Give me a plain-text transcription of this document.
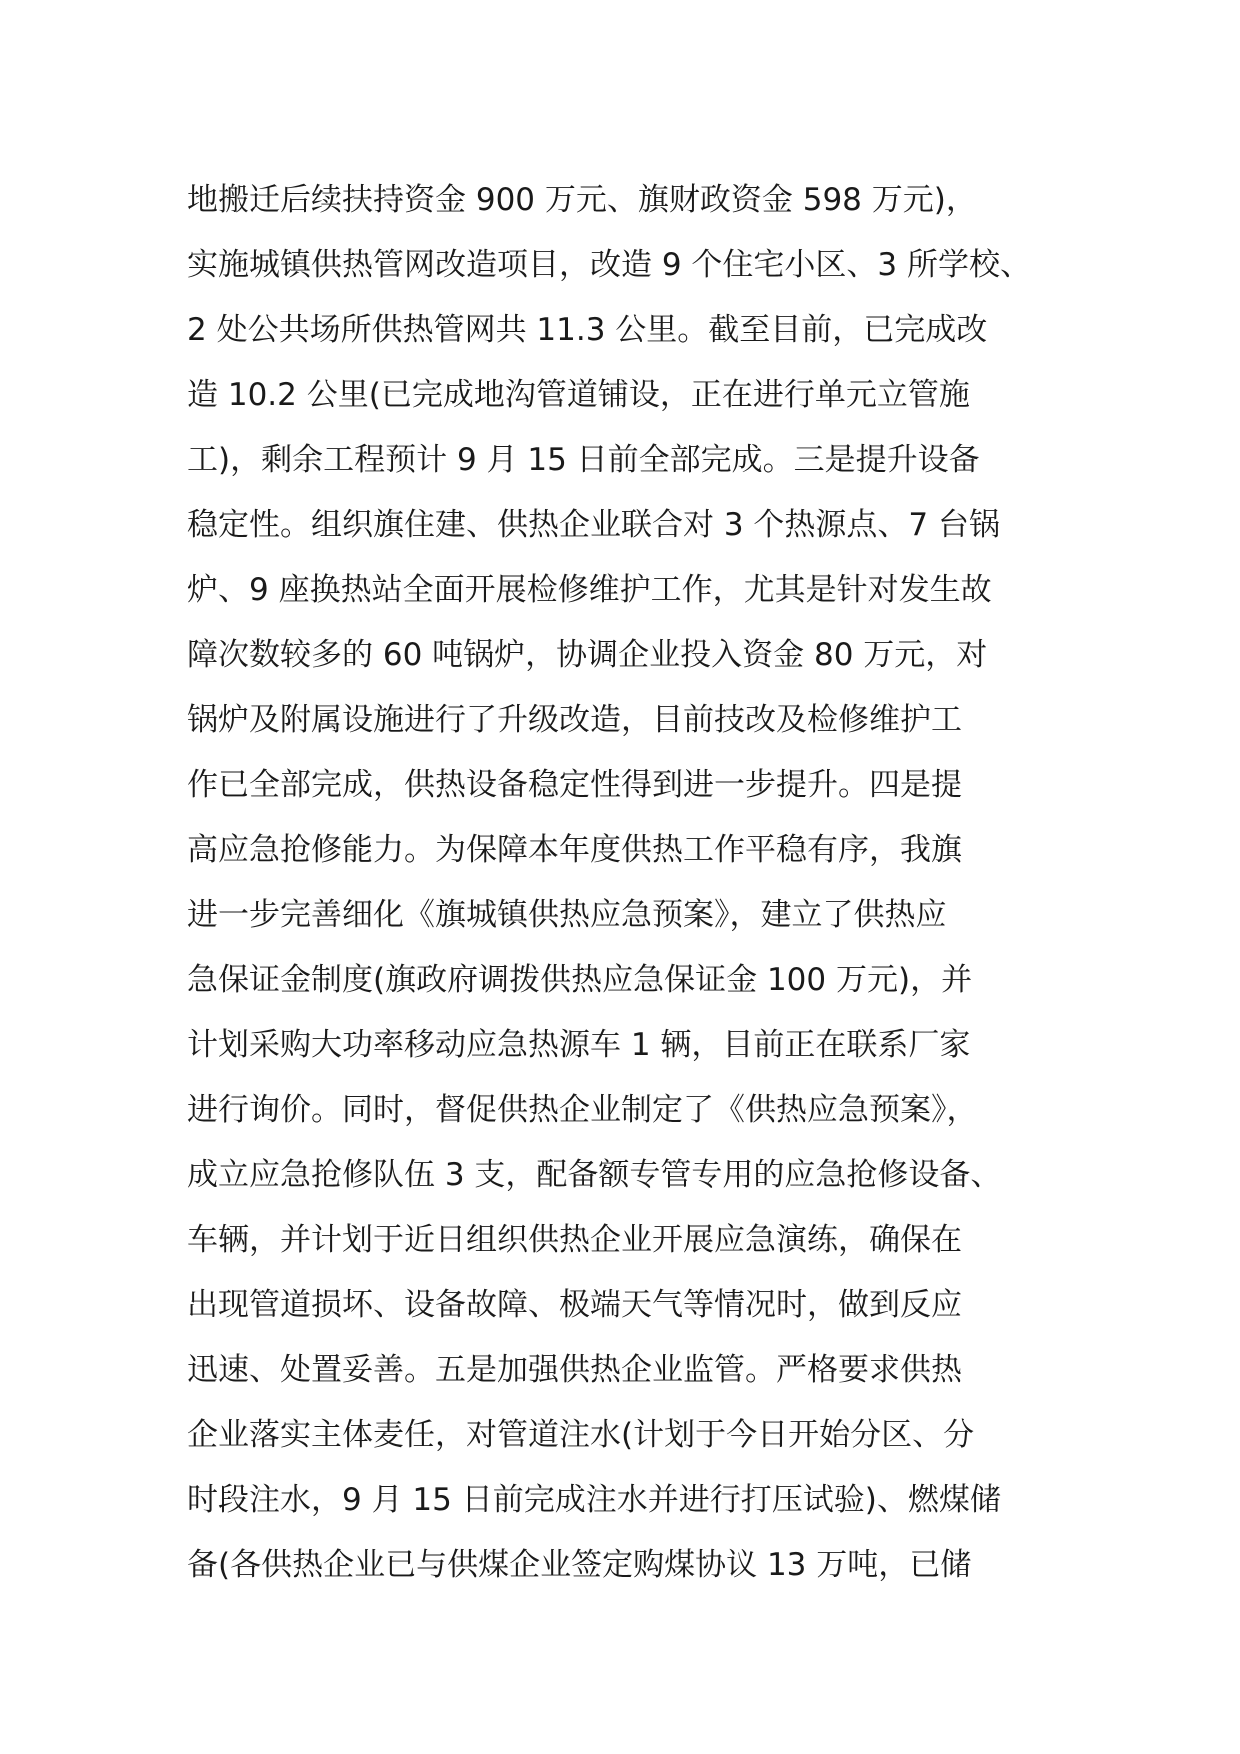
地搬迁后续扶持资金 900 万元、旗财政资金 598 万元)，
实施城镇供热管网改造项目，改造 9 个住宅小区、3 所学校、
2 处公共场所供热管网共 11.3 公里。截至目前，已完成改
造 10.2 公里(已完成地沟管道铺设，正在进行单元立管施
工)，剩余工程预计 9 月 15 日前全部完成。三是提升设备
稳定性。组织旗住建、供热企业联合对 3 个热源点、7 台锅
炉、9 座换热站全面开展检修维护工作，尤其是针对发生故
障次数较多的 60 吨锅炉，协调企业投入资金 80 万元，对
锅炉及附属设施进行了升级改造，目前技改及检修维护工
作已全部完成，供热设备稳定性得到进一步提升。四是提
高应急抢修能力。为保障本年度供热工作平稳有序，我旗
进一步完善细化《旗城镇供热应急预案》，建立了供热应
急保证金制度(旗政府调拨供热应急保证金 100 万元)，并
计划采购大功率移动应急热源车 1 辆，目前正在联系厂家
进行询价。同时，督促供热企业制定了《供热应急预案》，
成立应急抢修队伍 3 支，配备额专管专用的应急抢修设备、
车辆，并计划于近日组织供热企业开展应急演练，确保在
出现管道损坏、设备故障、极端天气等情况时，做到反应
迅速、处置妥善。五是加强供热企业监管。严格要求供热
企业落实主体麦任，对管道注水(计划于今日开始分区、分
时段注水，9 月 15 日前完成注水并进行打压试验)、燃煤储
备(各供热企业已与供煤企业签定购煤协议 13 万吨，已储
